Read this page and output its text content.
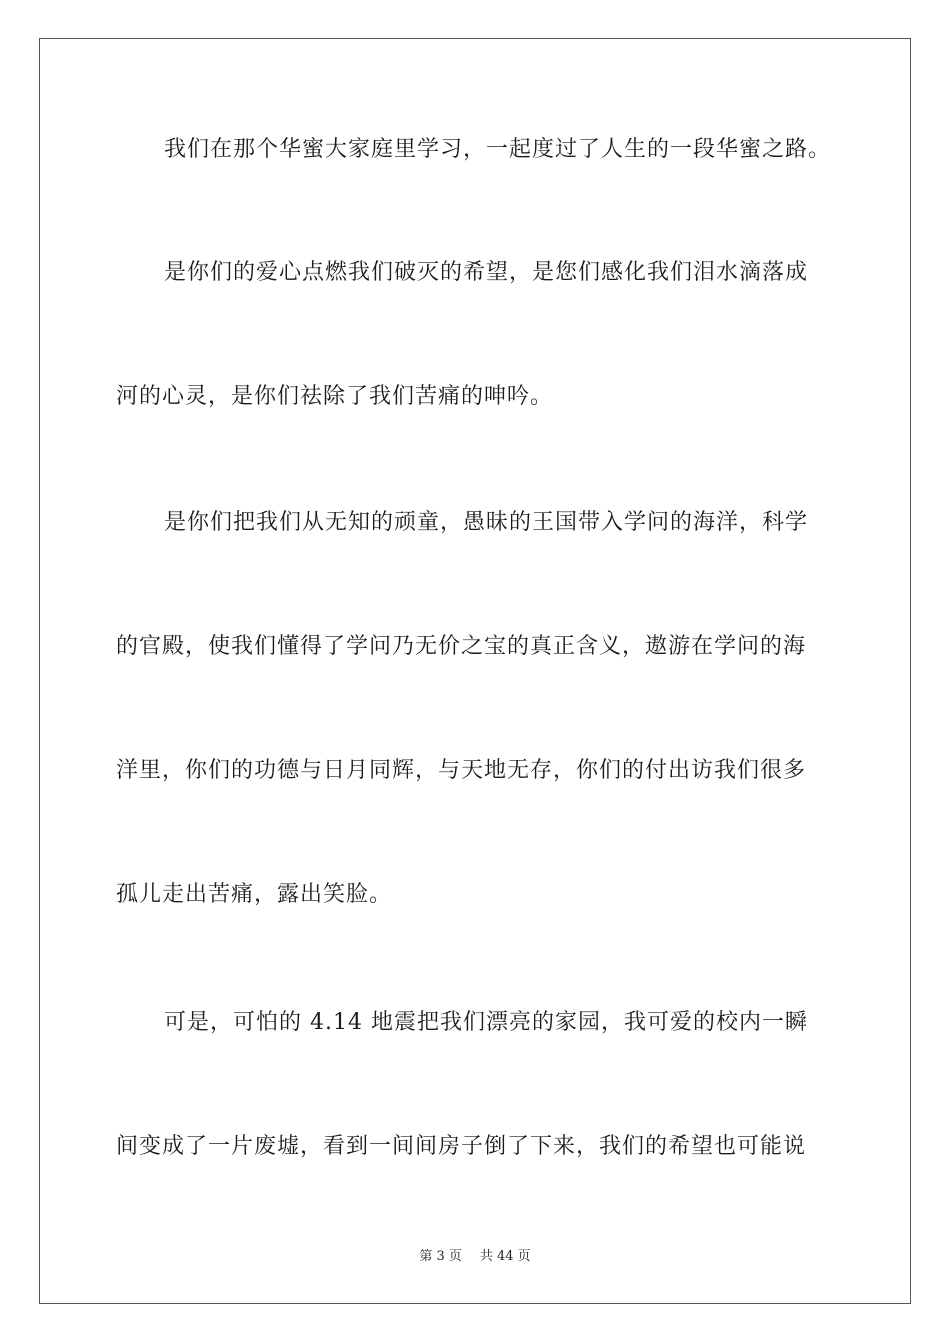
我们在那个华蜜大家庭里学习，一起度过了人生的一段华蜜之路。
是你们的爱心点燃我们破灭的希望，是您们感化我们泪水滴落成
河的心灵，是你们祛除了我们苦痛的呻吟。
是你们把我们从无知的顽童，愚昧的王国带入学问的海洋，科学
的官殿，使我们懂得了学问乃无价之宝的真正含义，遨游在学问的海
洋里，你们的功德与日月同辉，与天地无存，你们的付出访我们很多
孤儿走出苦痛，露出笑脸。
可是，可怕的 4.14 地震把我们漂亮的家园，我可爱的校内一瞬
间变成了一片废墟，看到一间间房子倒了下来，我们的希望也可能说
第 3 页 共 44 页
